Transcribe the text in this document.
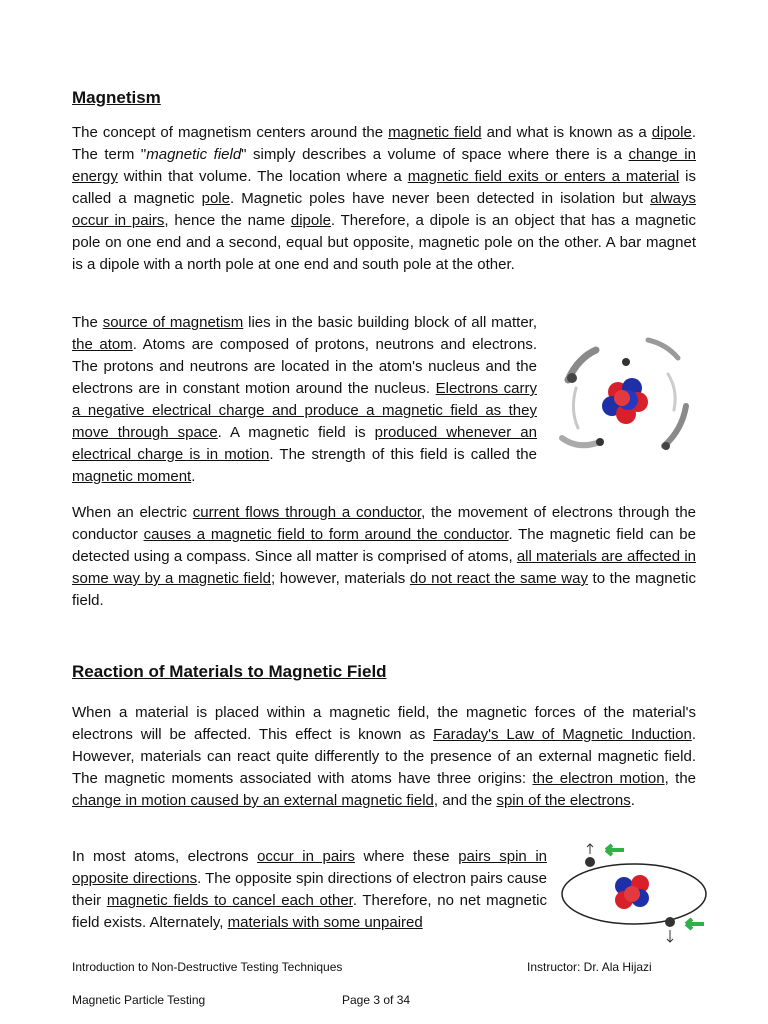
Magnetism

The concept of magnetism centers around the magnetic field and what is known as a dipole. The term "magnetic field" simply describes a volume of space where there is a change in energy within that volume. The location where a magnetic field exits or enters a material is called a magnetic pole. Magnetic poles have never been detected in isolation but always occur in pairs, hence the name dipole. Therefore, a dipole is an object that has a magnetic pole on one end and a second, equal but opposite, magnetic pole on the other. A bar magnet is a dipole with a north pole at one end and south pole at the other.

The source of magnetism lies in the basic building block of all matter, the atom. Atoms are composed of protons, neutrons and electrons. The protons and neutrons are located in the atom's nucleus and the electrons are in constant motion around the nucleus. Electrons carry a negative electrical charge and produce a magnetic field as they move through space. A magnetic field is produced whenever an electrical charge is in motion. The strength of this field is called the magnetic moment.

When an electric current flows through a conductor, the movement of electrons through the conductor causes a magnetic field to form around the conductor. The magnetic field can be detected using a compass. Since all matter is comprised of atoms, all materials are affected in some way by a magnetic field; however, materials do not react the same way to the magnetic field.

Reaction of Materials to Magnetic Field

When a material is placed within a magnetic field, the magnetic forces of the material's electrons will be affected. This effect is known as Faraday's Law of Magnetic Induction. However, materials can react quite differently to the presence of an external magnetic field. The magnetic moments associated with atoms have three origins: the electron motion, the change in motion caused by an external magnetic field, and the spin of the electrons.

In most atoms, electrons occur in pairs where these pairs spin in opposite directions. The opposite spin directions of electron pairs cause their magnetic fields to cancel each other. Therefore, no net magnetic field exists. Alternately, materials with some unpaired

Introduction to Non-Destructive Testing Techniques	Instructor: Dr. Ala Hijazi
Magnetic Particle Testing	Page 3 of 34
